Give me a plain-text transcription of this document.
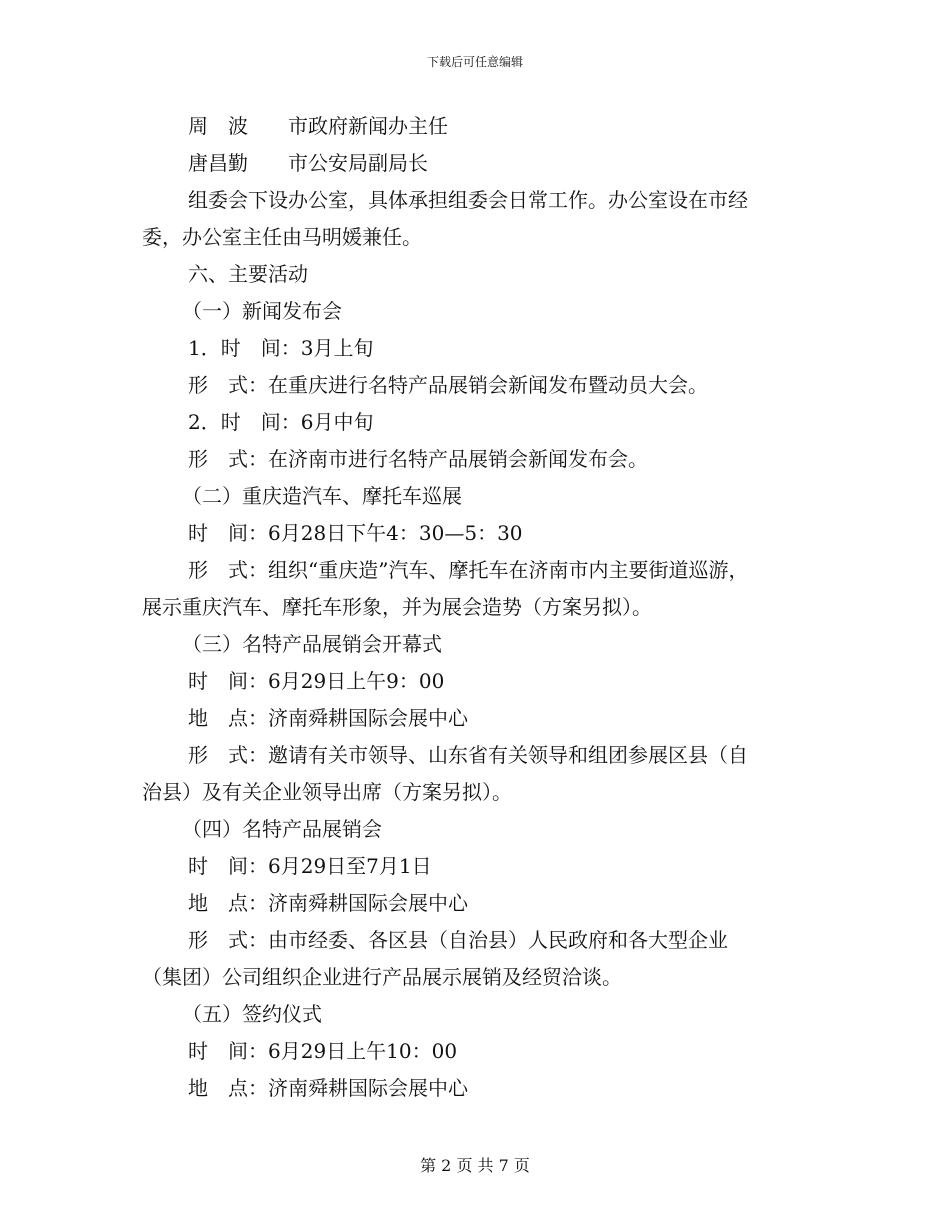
下载后可任意编辑
周　波 市政府新闻办主任
唐昌勤 市公安局副局长
组委会下设办公室，具体承担组委会日常工作。办公室设在市经
委，办公室主任由马明媛兼任。
六、主要活动
（一）新闻发布会
1．时　间：3月上旬
形　式：在重庆进行名特产品展销会新闻发布暨动员大会。
2．时　间：6月中旬
形　式：在济南市进行名特产品展销会新闻发布会。
（二）重庆造汽车、摩托车巡展
时　间：6月28日下午4：30—5：30
形　式：组织“重庆造”汽车、摩托车在济南市内主要街道巡游，
展示重庆汽车、摩托车形象，并为展会造势（方案另拟）。
（三）名特产品展销会开幕式
时　间：6月29日上午9：00
地　点：济南舜耕国际会展中心
形　式：邀请有关市领导、山东省有关领导和组团参展区县（自
治县）及有关企业领导出席（方案另拟）。
（四）名特产品展销会
时　间：6月29日至7月1日
地　点：济南舜耕国际会展中心
形　式：由市经委、各区县（自治县）人民政府和各大型企业
（集团）公司组织企业进行产品展示展销及经贸洽谈。
（五）签约仪式
时　间：6月29日上午10：00
地　点：济南舜耕国际会展中心
第 2 页 共 7 页
